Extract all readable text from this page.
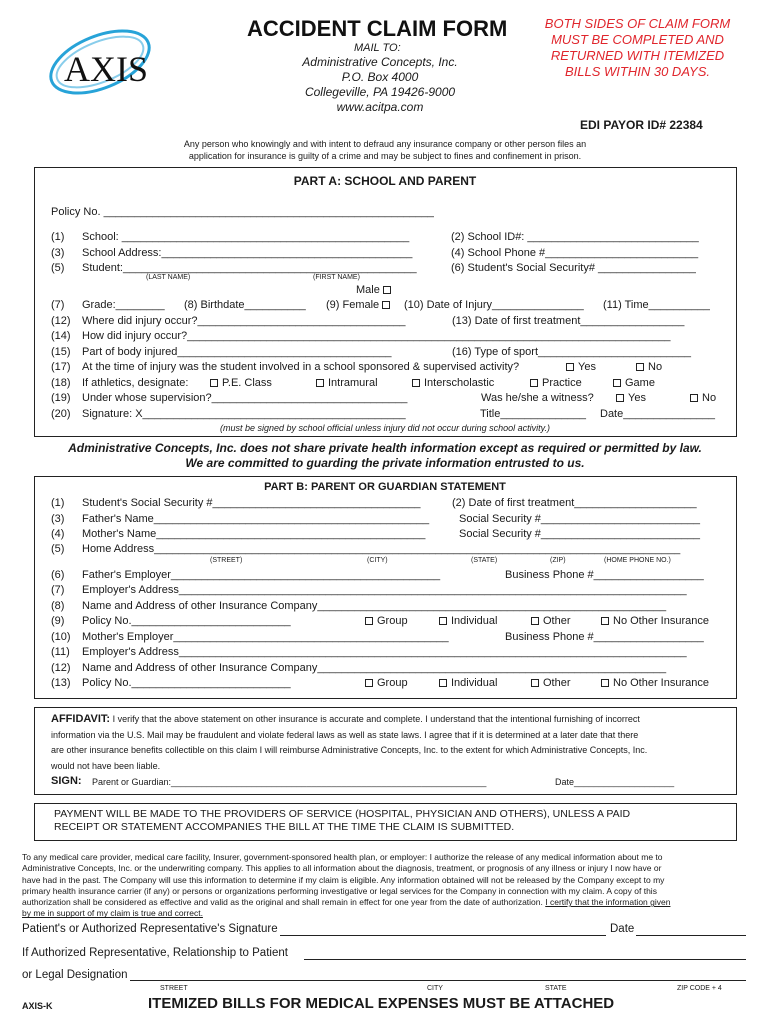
AXIS
ACCIDENT CLAIM FORM
MAIL TO:
Administrative Concepts, Inc.
P.O. Box 4000
Collegeville, PA 19426-9000
www.acitpa.com
BOTH SIDES OF CLAIM FORM
MUST BE COMPLETED AND
RETURNED WITH ITEMIZED
BILLS WITHIN 30 DAYS.
EDI PAYOR ID# 22384
Any person who knowingly and with intent to defraud any insurance company or other person files an
application for insurance is guilty of a crime and may be subject to fines and confinement in prison.
PART A: SCHOOL AND PARENT
Policy No. ______________________________________________________
(1) School: _______________________________________________	(2) School ID#: ____________________________
(3) School Address:_________________________________________	(4) School Phone #_________________________
(5) Student:________________________________________________	(6) Student's Social Security# ________________
(LAST NAME)	(FIRST NAME)
Male
(7) Grade:________ (8) Birthdate__________ (9) Female	(10) Date of Injury_______________ (11) Time__________
(12) Where did injury occur?__________________________________	(13) Date of first treatment_________________
(14) How did injury occur?_______________________________________________________________________________
(15) Part of body injured___________________________________	(16) Type of sport_________________________
(17) At the time of injury was the student involved in a school sponsored & supervised activity?	Yes	No
(18) If athletics, designate:	P.E. Class	Intramural	Interscholastic	Practice	Game
(19) Under whose supervision?________________________________	Was he/she a witness?	Yes	No
(20) Signature: X___________________________________________	Title______________ Date_______________
(must be signed by school official unless injury did not occur during school activity.)
Administrative Concepts, Inc. does not share private health information except as required or permitted by law.
We are committed to guarding the private information entrusted to us.
PART B: PARENT OR GUARDIAN STATEMENT
(1) Student's Social Security #__________________________________	(2) Date of first treatment____________________
(3) Father's Name_____________________________________________	Social Security #__________________________
(4) Mother's Name____________________________________________	Social Security #__________________________
(5) Home Address______________________________________________________________________________________
(STREET)	(CITY)	(STATE)	(ZIP)	(HOME PHONE NO.)
(6) Father's Employer____________________________________________	Business Phone #__________________
(7) Employer's Address___________________________________________________________________________________
(8) Name and Address of other Insurance Company_________________________________________________________
(9) Policy No.__________________________	Group	Individual	Other	No Other Insurance
(10) Mother's Employer_____________________________________________	Business Phone #__________________
(11) Employer's Address___________________________________________________________________________________
(12) Name and Address of other Insurance Company_________________________________________________________
(13) Policy No.__________________________	Group	Individual	Other	No Other Insurance
AFFIDAVIT: I verify that the above statement on other insurance is accurate and complete. I understand that the intentional furnishing of incorrect
information via the U.S. Mail may be fraudulent and violate federal laws as well as state laws. I agree that if it is determined at a later date that there
are other insurance benefits collectible on this claim I will reimburse Administrative Concepts, Inc. to the extent for which Administrative Concepts, Inc.
would not have been liable.
SIGN: Parent or Guardian:_______________________________________________________________	Date____________________
PAYMENT WILL BE MADE TO THE PROVIDERS OF SERVICE (HOSPITAL, PHYSICIAN AND OTHERS), UNLESS A PAID
RECEIPT OR STATEMENT ACCOMPANIES THE BILL AT THE TIME THE CLAIM IS SUBMITTED.
To any medical care provider, medical care facility, Insurer, government-sponsored health plan, or employer: I authorize the release of any medical information about me to
Administrative Concepts, Inc. or the underwriting company. This applies to all information about the diagnosis, treatment, or prognosis of any illness or injury I now have or
have had in the past. The Company will use this information to determine if my claim is eligible. Any information obtained will not be released by the Company except to my
primary health insurance carrier (if any) or persons or organizations performing investigative or legal services for the Company in connection with my claim. A copy of this
authorization shall be considered as effective and valid as the original and shall remain in effect for one year from the date of authorization. I certify that the information given
by me in support of my claim is true and correct.
Patient's or Authorized Representative's Signature	Date
If Authorized Representative, Relationship to Patient
or Legal Designation
STREET	CITY	STATE	ZIP CODE + 4
AXIS-K	ITEMIZED BILLS FOR MEDICAL EXPENSES MUST BE ATTACHED
